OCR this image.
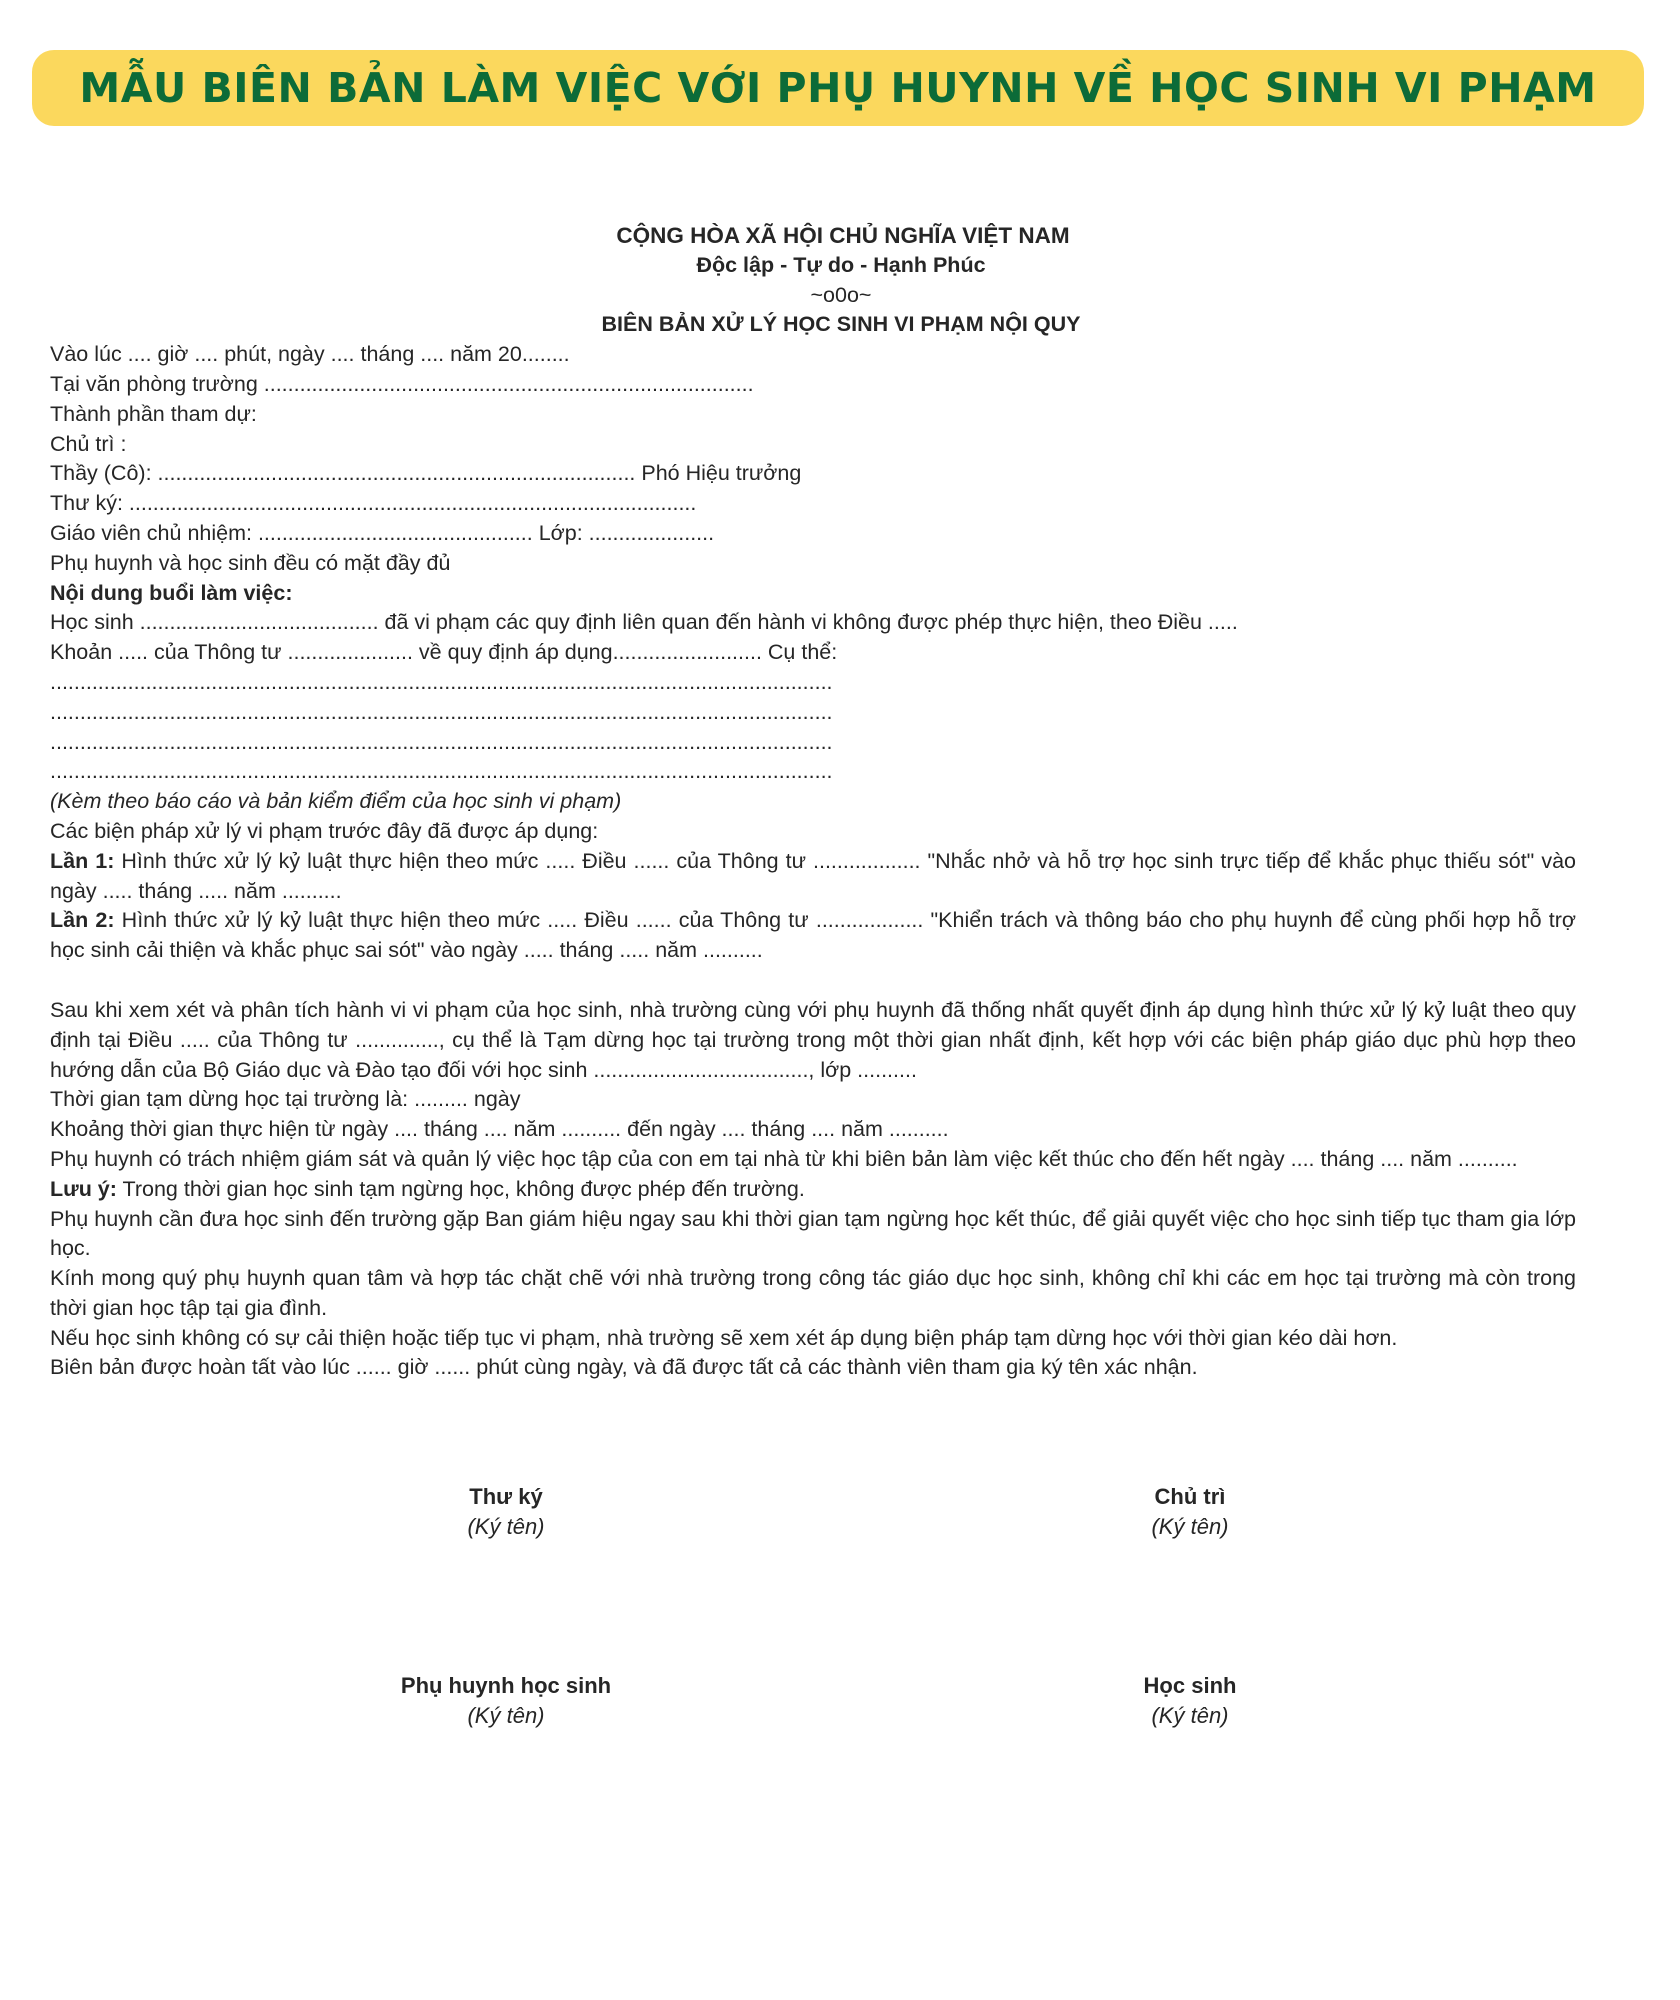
MẪU BIÊN BẢN LÀM VIỆC VỚI PHỤ HUYNH VỀ HỌC SINH VI PHẠM
CỘNG HÒA XÃ HỘI CHỦ NGHĨA VIỆT NAM
Độc lập - Tự do - Hạnh Phúc
~o0o~
BIÊN BẢN XỬ LÝ HỌC SINH VI PHẠM NỘI QUY
Vào lúc .... giờ .... phút, ngày .... tháng .... năm 20........
Tại văn phòng trường ..................................................................................
Thành phần tham dự:
Chủ trì :
Thầy (Cô): ................................................................................ Phó Hiệu trưởng
Thư ký: ...............................................................................................
Giáo viên chủ nhiệm: .............................................. Lớp: .....................
Phụ huynh và học sinh đều có mặt đầy đủ
Nội dung buổi làm việc:
Học sinh ........................................ đã vi phạm các quy định liên quan đến hành vi không được phép thực hiện, theo Điều .....
Khoản ..... của Thông tư ..................... về quy định áp dụng......................... Cụ thể:
...................................................................................................................................
...................................................................................................................................
...................................................................................................................................
...................................................................................................................................
(Kèm theo báo cáo và bản kiểm điểm của học sinh vi phạm)
Các biện pháp xử lý vi phạm trước đây đã được áp dụng:
Lần 1: Hình thức xử lý kỷ luật thực hiện theo mức ..... Điều ...... của Thông tư .................. "Nhắc nhở và hỗ trợ học sinh trực tiếp để khắc phục thiếu sót" vào ngày ..... tháng ..... năm ..........
Lần 2: Hình thức xử lý kỷ luật thực hiện theo mức ..... Điều ...... của Thông tư .................. "Khiển trách và thông báo cho phụ huynh để cùng phối hợp hỗ trợ học sinh cải thiện và khắc phục sai sót" vào ngày ..... tháng ..... năm ..........
Sau khi xem xét và phân tích hành vi vi phạm của học sinh, nhà trường cùng với phụ huynh đã thống nhất quyết định áp dụng hình thức xử lý kỷ luật theo quy định tại Điều ..... của Thông tư .............., cụ thể là Tạm dừng học tại trường trong một thời gian nhất định, kết hợp với các biện pháp giáo dục phù hợp theo hướng dẫn của Bộ Giáo dục và Đào tạo đối với học sinh ...................................., lớp ..........
Thời gian tạm dừng học tại trường là: ......... ngày
Khoảng thời gian thực hiện từ ngày .... tháng .... năm .......... đến ngày .... tháng .... năm ..........
Phụ huynh có trách nhiệm giám sát và quản lý việc học tập của con em tại nhà từ khi biên bản làm việc kết thúc cho đến hết ngày .... tháng .... năm ..........
Lưu ý: Trong thời gian học sinh tạm ngừng học, không được phép đến trường.
Phụ huynh cần đưa học sinh đến trường gặp Ban giám hiệu ngay sau khi thời gian tạm ngừng học kết thúc, để giải quyết việc cho học sinh tiếp tục tham gia lớp học.
Kính mong quý phụ huynh quan tâm và hợp tác chặt chẽ với nhà trường trong công tác giáo dục học sinh, không chỉ khi các em học tại trường mà còn trong thời gian học tập tại gia đình.
Nếu học sinh không có sự cải thiện hoặc tiếp tục vi phạm, nhà trường sẽ xem xét áp dụng biện pháp tạm dừng học với thời gian kéo dài hơn.
Biên bản được hoàn tất vào lúc ...... giờ ...... phút cùng ngày, và đã được tất cả các thành viên tham gia ký tên xác nhận.
Thư ký
(Ký tên)
Chủ trì
(Ký tên)
Phụ huynh học sinh
(Ký tên)
Học sinh
(Ký tên)
